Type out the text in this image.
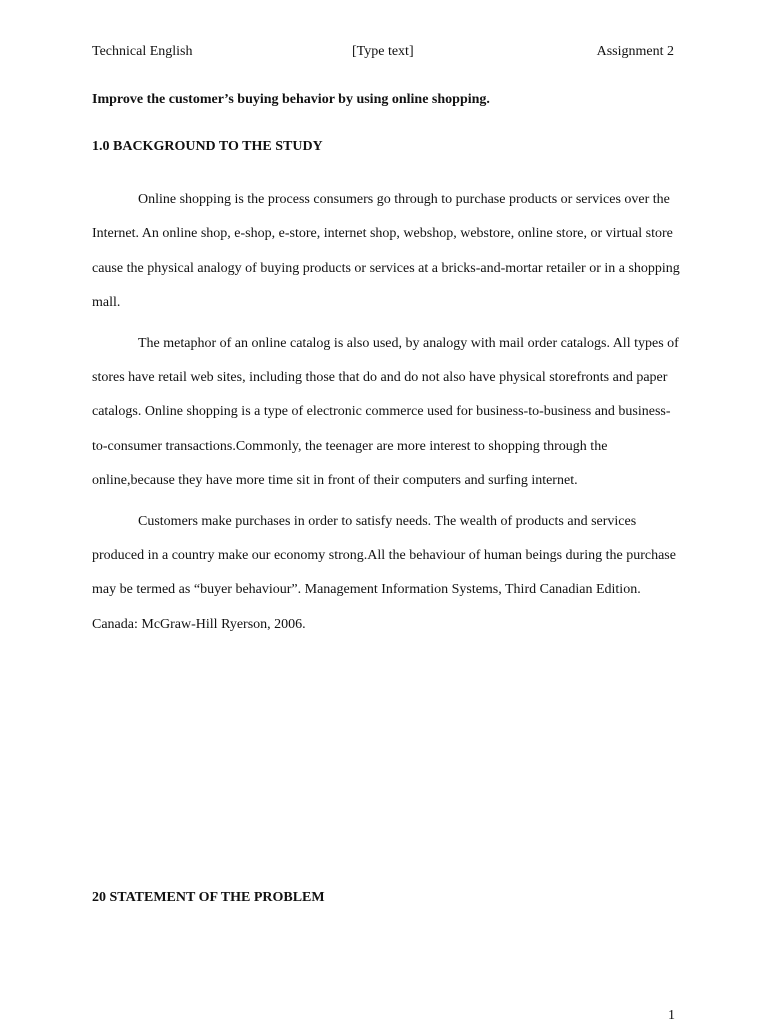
Technical English	[Type text]	Assignment 2
Improve the customer’s buying behavior by using online shopping.
1.0 BACKGROUND TO THE STUDY

Online shopping is the process consumers go through to purchase products or services over the Internet. An online shop, e-shop, e-store, internet shop, webshop, webstore, online store, or virtual store cause the physical analogy of buying products or services at a bricks-and-mortar retailer or in a shopping mall.

The metaphor of an online catalog is also used, by analogy with mail order catalogs. All types of stores have retail web sites, including those that do and do not also have physical storefronts and paper catalogs. Online shopping is a type of electronic commerce used for business-to-business and business-to-consumer transactions.Commonly, the teenager are more interest to shopping through the online,because they have more time sit in front of their computers and surfing internet.

Customers make purchases in order to satisfy needs. The wealth of products and services produced in a country make our economy strong.All the behaviour of human beings during the purchase may be termed as “buyer behaviour”. Management Information Systems, Third Canadian Edition. Canada: McGraw-Hill Ryerson, 2006.

20 STATEMENT OF THE PROBLEM
1
